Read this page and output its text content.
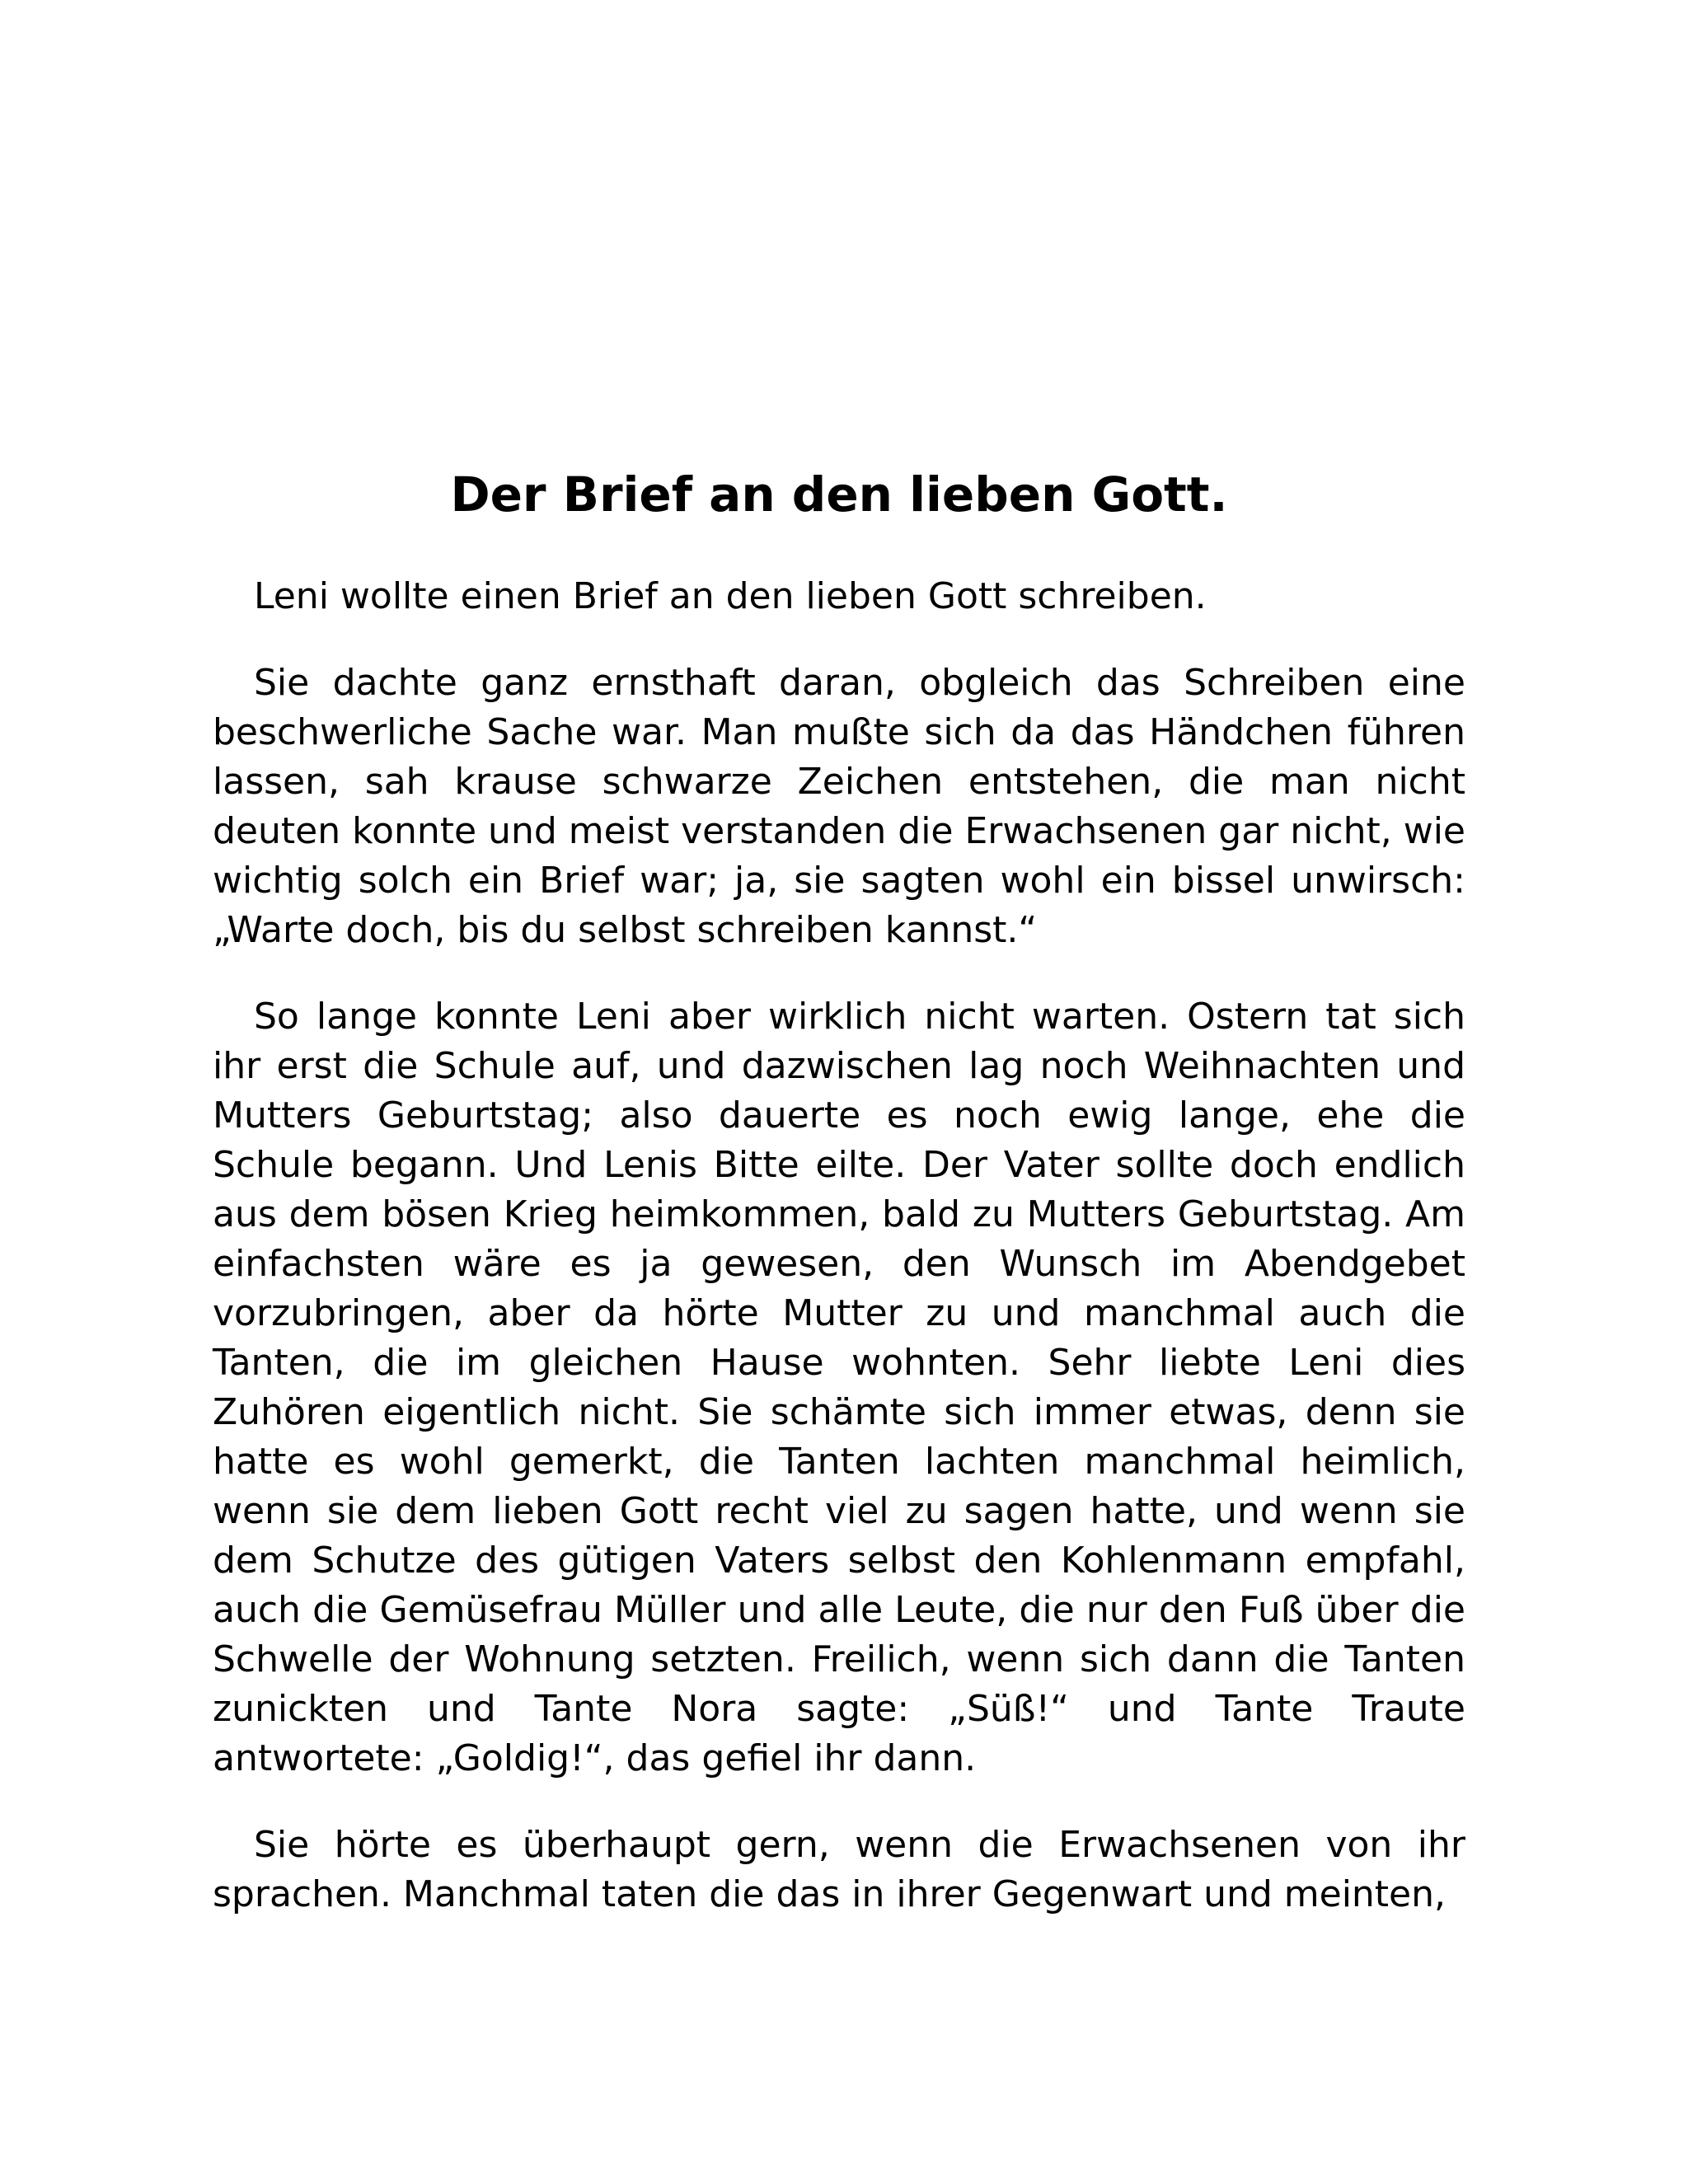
Der Brief an den lieben Gott.

Leni wollte einen Brief an den lieben Gott schreiben.

Sie dachte ganz ernsthaft daran, obgleich das Schreiben eine beschwerliche Sache war. Man mußte sich da das Händchen führen lassen, sah krause schwarze Zeichen entstehen, die man nicht deuten konnte und meist verstanden die Erwachsenen gar nicht, wie wichtig solch ein Brief war; ja, sie sagten wohl ein bissel unwirsch: „Warte doch, bis du selbst schreiben kannst.“

So lange konnte Leni aber wirklich nicht warten. Ostern tat sich ihr erst die Schule auf, und dazwischen lag noch Weihnachten und Mutters Geburtstag; also dauerte es noch ewig lange, ehe die Schule begann. Und Lenis Bitte eilte. Der Vater sollte doch endlich aus dem bösen Krieg heimkommen, bald zu Mutters Geburtstag. Am einfachsten wäre es ja gewesen, den Wunsch im Abendgebet vorzubringen, aber da hörte Mutter zu und manchmal auch die Tanten, die im gleichen Hause wohnten. Sehr liebte Leni dies Zuhören eigentlich nicht. Sie schämte sich immer etwas, denn sie hatte es wohl gemerkt, die Tanten lachten manchmal heimlich, wenn sie dem lieben Gott recht viel zu sagen hatte, und wenn sie dem Schutze des gütigen Vaters selbst den Kohlenmann empfahl, auch die Gemüsefrau Müller und alle Leute, die nur den Fuß über die Schwelle der Wohnung setzten. Freilich, wenn sich dann die Tanten zunickten und Tante Nora sagte: „Süß!“ und Tante Traute antwortete: „Goldig!“, das gefiel ihr dann.

Sie hörte es überhaupt gern, wenn die Erwachsenen von ihr sprachen. Manchmal taten die das in ihrer Gegenwart und meinten,
